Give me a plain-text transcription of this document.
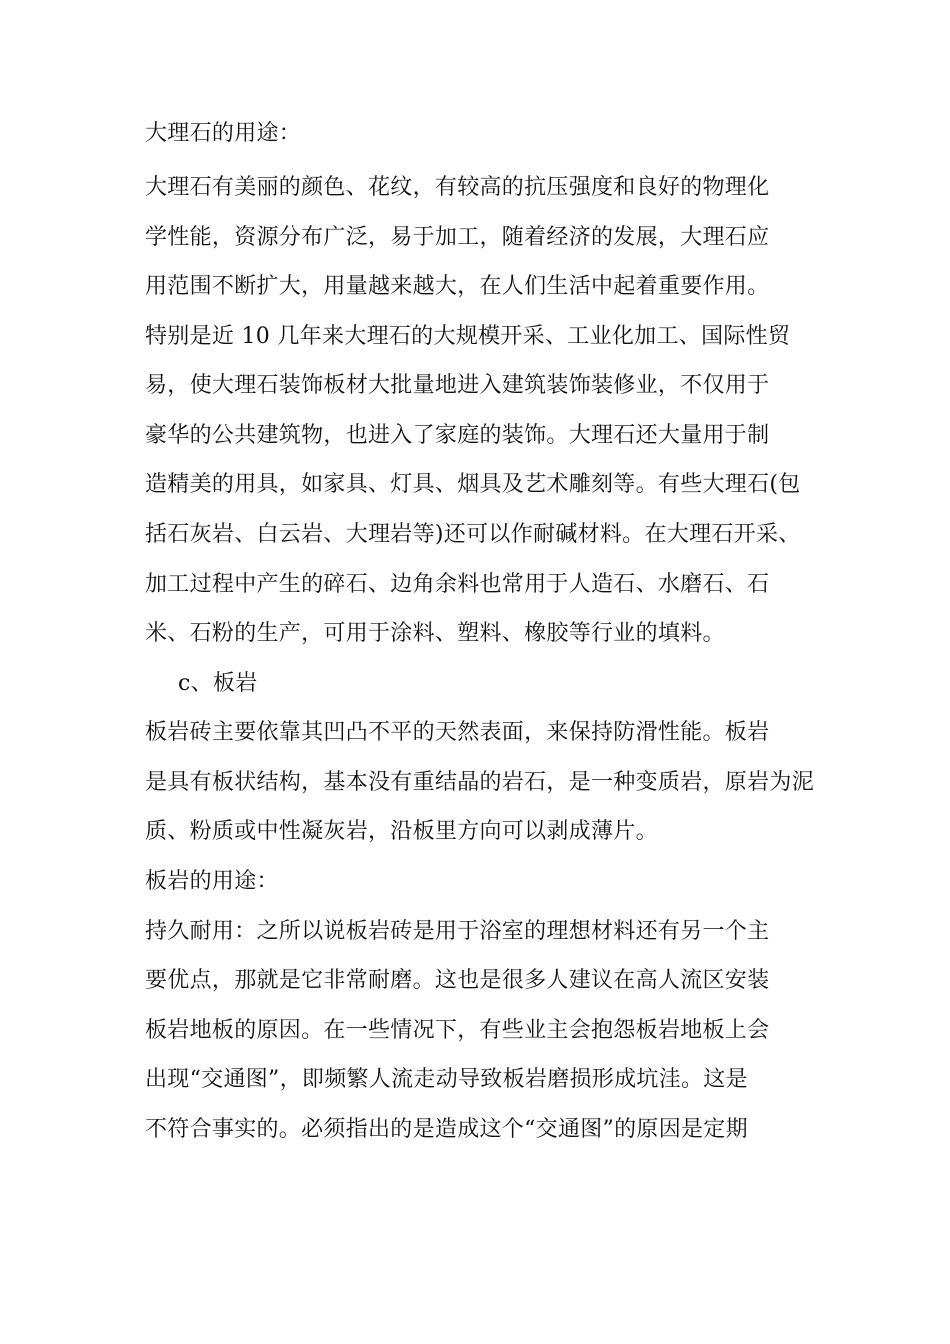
大理石的用途：
大理石有美丽的颜色、花纹，有较高的抗压强度和良好的物理化
学性能，资源分布广泛，易于加工，随着经济的发展，大理石应
用范围不断扩大，用量越来越大，在人们生活中起着重要作用。
特别是近 10 几年来大理石的大规模开采、工业化加工、国际性贸
易，使大理石装饰板材大批量地进入建筑装饰装修业，不仅用于
豪华的公共建筑物，也进入了家庭的装饰。大理石还大量用于制
造精美的用具，如家具、灯具、烟具及艺术雕刻等。有些大理石(包
括石灰岩、白云岩、大理岩等)还可以作耐碱材料。在大理石开采、
加工过程中产生的碎石、边角余料也常用于人造石、水磨石、石
米、石粉的生产，可用于涂料、塑料、橡胶等行业的填料。
c、板岩
板岩砖主要依靠其凹凸不平的天然表面，来保持防滑性能。板岩
是具有板状结构，基本没有重结晶的岩石，是一种变质岩，原岩为泥
质、粉质或中性凝灰岩，沿板里方向可以剥成薄片。
板岩的用途：
持久耐用：之所以说板岩砖是用于浴室的理想材料还有另一个主
要优点，那就是它非常耐磨。这也是很多人建议在高人流区安装
板岩地板的原因。在一些情况下，有些业主会抱怨板岩地板上会
出现“交通图”，即频繁人流走动导致板岩磨损形成坑洼。这是
不符合事实的。必须指出的是造成这个“交通图”的原因是定期
